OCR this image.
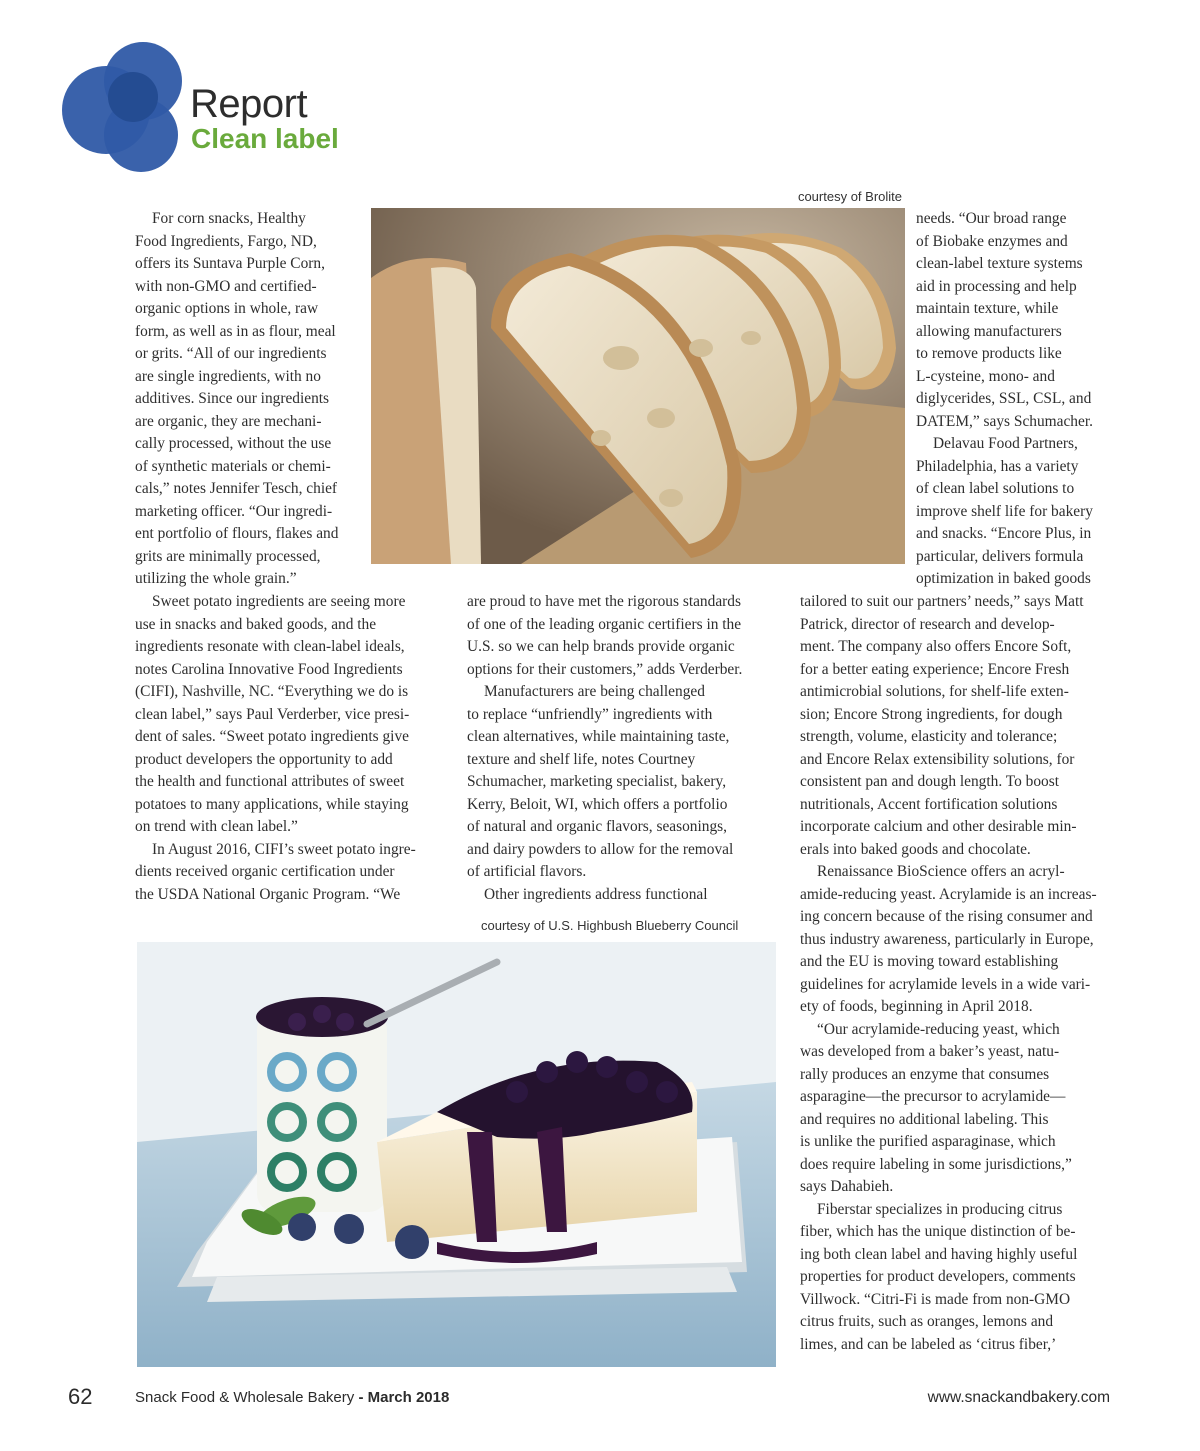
Report
Clean label
courtesy of Brolite

For corn snacks, Healthy
Food Ingredients, Fargo, ND,
offers its Suntava Purple Corn,
with non-GMO and certified-
organic options in whole, raw
form, as well as in as flour, meal
or grits. “All of our ingredients
are single ingredients, with no
additives. Since our ingredients
are organic, they are mechani-
cally processed, without the use
of synthetic materials or chemi-
cals,” notes Jennifer Tesch, chief
marketing officer. “Our ingredi-
ent portfolio of flours, flakes and
grits are minimally processed,
utilizing the whole grain.”

Sweet potato ingredients are seeing more
use in snacks and baked goods, and the
ingredients resonate with clean-label ideals,
notes Carolina Innovative Food Ingredients
(CIFI), Nashville, NC. “Everything we do is
clean label,” says Paul Verderber, vice presi-
dent of sales. “Sweet potato ingredients give
product developers the opportunity to add
the health and functional attributes of sweet
potatoes to many applications, while staying
on trend with clean label.”

In August 2016, CIFI’s sweet potato ingre-
dients received organic certification under
the USDA National Organic Program. “We

are proud to have met the rigorous standards
of one of the leading organic certifiers in the
U.S. so we can help brands provide organic
options for their customers,” adds Verderber.

Manufacturers are being challenged
to replace “unfriendly” ingredients with
clean alternatives, while maintaining taste,
texture and shelf life, notes Courtney
Schumacher, marketing specialist, bakery,
Kerry, Beloit, WI, which offers a portfolio
of natural and organic flavors, seasonings,
and dairy powders to allow for the removal
of artificial flavors.

Other ingredients address functional

needs. “Our broad range
of Biobake enzymes and
clean-label texture systems
aid in processing and help
maintain texture, while
allowing manufacturers
to remove products like
L-cysteine, mono- and
diglycerides, SSL, CSL, and
DATEM,” says Schumacher.

Delavau Food Partners,
Philadelphia, has a variety
of clean label solutions to
improve shelf life for bakery
and snacks. “Encore Plus, in
particular, delivers formula
optimization in baked goods

tailored to suit our partners’ needs,” says Matt
Patrick, director of research and develop-
ment. The company also offers Encore Soft,
for a better eating experience; Encore Fresh
antimicrobial solutions, for shelf-life exten-
sion; Encore Strong ingredients, for dough
strength, volume, elasticity and tolerance;
and Encore Relax extensibility solutions, for
consistent pan and dough length. To boost
nutritionals, Accent fortification solutions
incorporate calcium and other desirable min-
erals into baked goods and chocolate.

Renaissance BioScience offers an acryl-
amide-reducing yeast. Acrylamide is an increas-
ing concern because of the rising consumer and
thus industry awareness, particularly in Europe,
and the EU is moving toward establishing
guidelines for acrylamide levels in a wide vari-
ety of foods, beginning in April 2018.

“Our acrylamide-reducing yeast, which
was developed from a baker’s yeast, natu-
rally produces an enzyme that consumes
asparagine—the precursor to acrylamide—
and requires no additional labeling. This
is unlike the purified asparaginase, which
does require labeling in some jurisdictions,”
says Dahabieh.

Fiberstar specializes in producing citrus
fiber, which has the unique distinction of be-
ing both clean label and having highly useful
properties for product developers, comments
Villwock. “Citri-Fi is made from non-GMO
citrus fruits, such as oranges, lemons and
limes, and can be labeled as ‘citrus fiber,’

courtesy of U.S. Highbush Blueberry Council
62	Snack Food & Wholesale Bakery - March 2018	www.snackandbakery.com
